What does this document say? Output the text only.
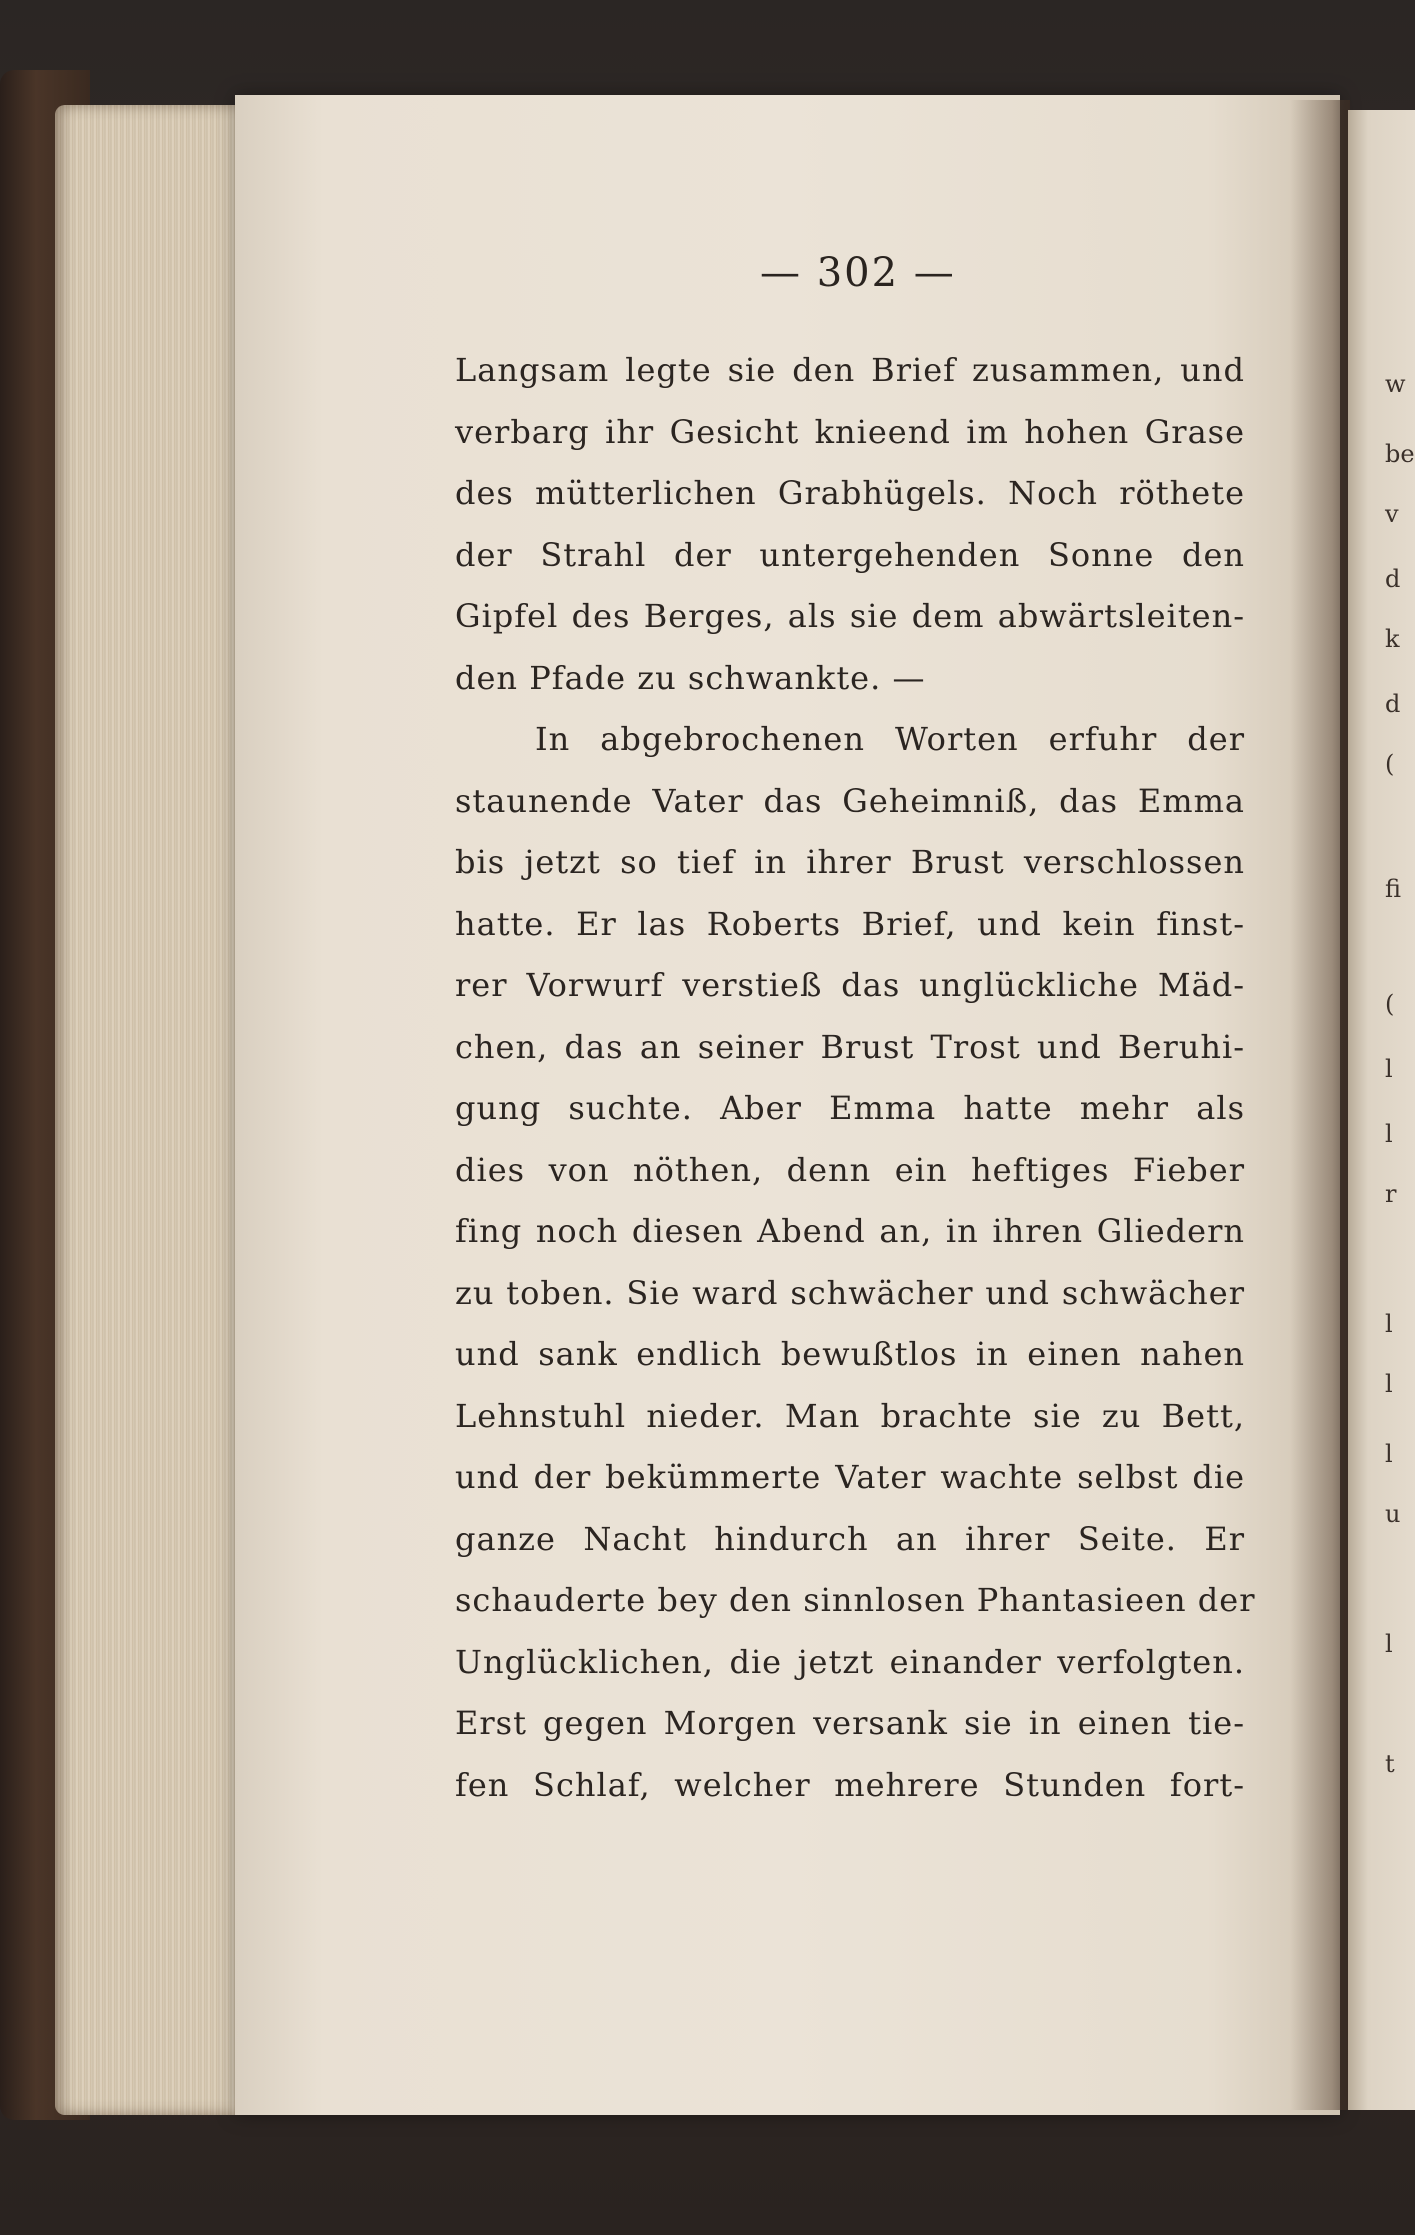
w
be
v
d
k
d
(
fi
(
l
l
r
l
l
l
u
l
t
— 302 —
Langsam legte sie den Brief zusammen, und
verbarg ihr Gesicht knieend im hohen Grase
des mütterlichen Grabhügels. Noch röthete
der Strahl der untergehenden Sonne den
Gipfel des Berges, als sie dem abwärtsleiten-
den Pfade zu schwankte. —
In abgebrochenen Worten erfuhr der
staunende Vater das Geheimniß, das Emma
bis jetzt so tief in ihrer Brust verschlossen
hatte. Er las Roberts Brief, und kein finst-
rer Vorwurf verstieß das unglückliche Mäd-
chen, das an seiner Brust Trost und Beruhi-
gung suchte. Aber Emma hatte mehr als
dies von nöthen, denn ein heftiges Fieber
fing noch diesen Abend an, in ihren Gliedern
zu toben. Sie ward schwächer und schwächer
und sank endlich bewußtlos in einen nahen
Lehnstuhl nieder. Man brachte sie zu Bett,
und der bekümmerte Vater wachte selbst die
ganze Nacht hindurch an ihrer Seite. Er
schauderte bey den sinnlosen Phantasieen der
Unglücklichen, die jetzt einander verfolgten.
Erst gegen Morgen versank sie in einen tie-
fen Schlaf, welcher mehrere Stunden fort-
